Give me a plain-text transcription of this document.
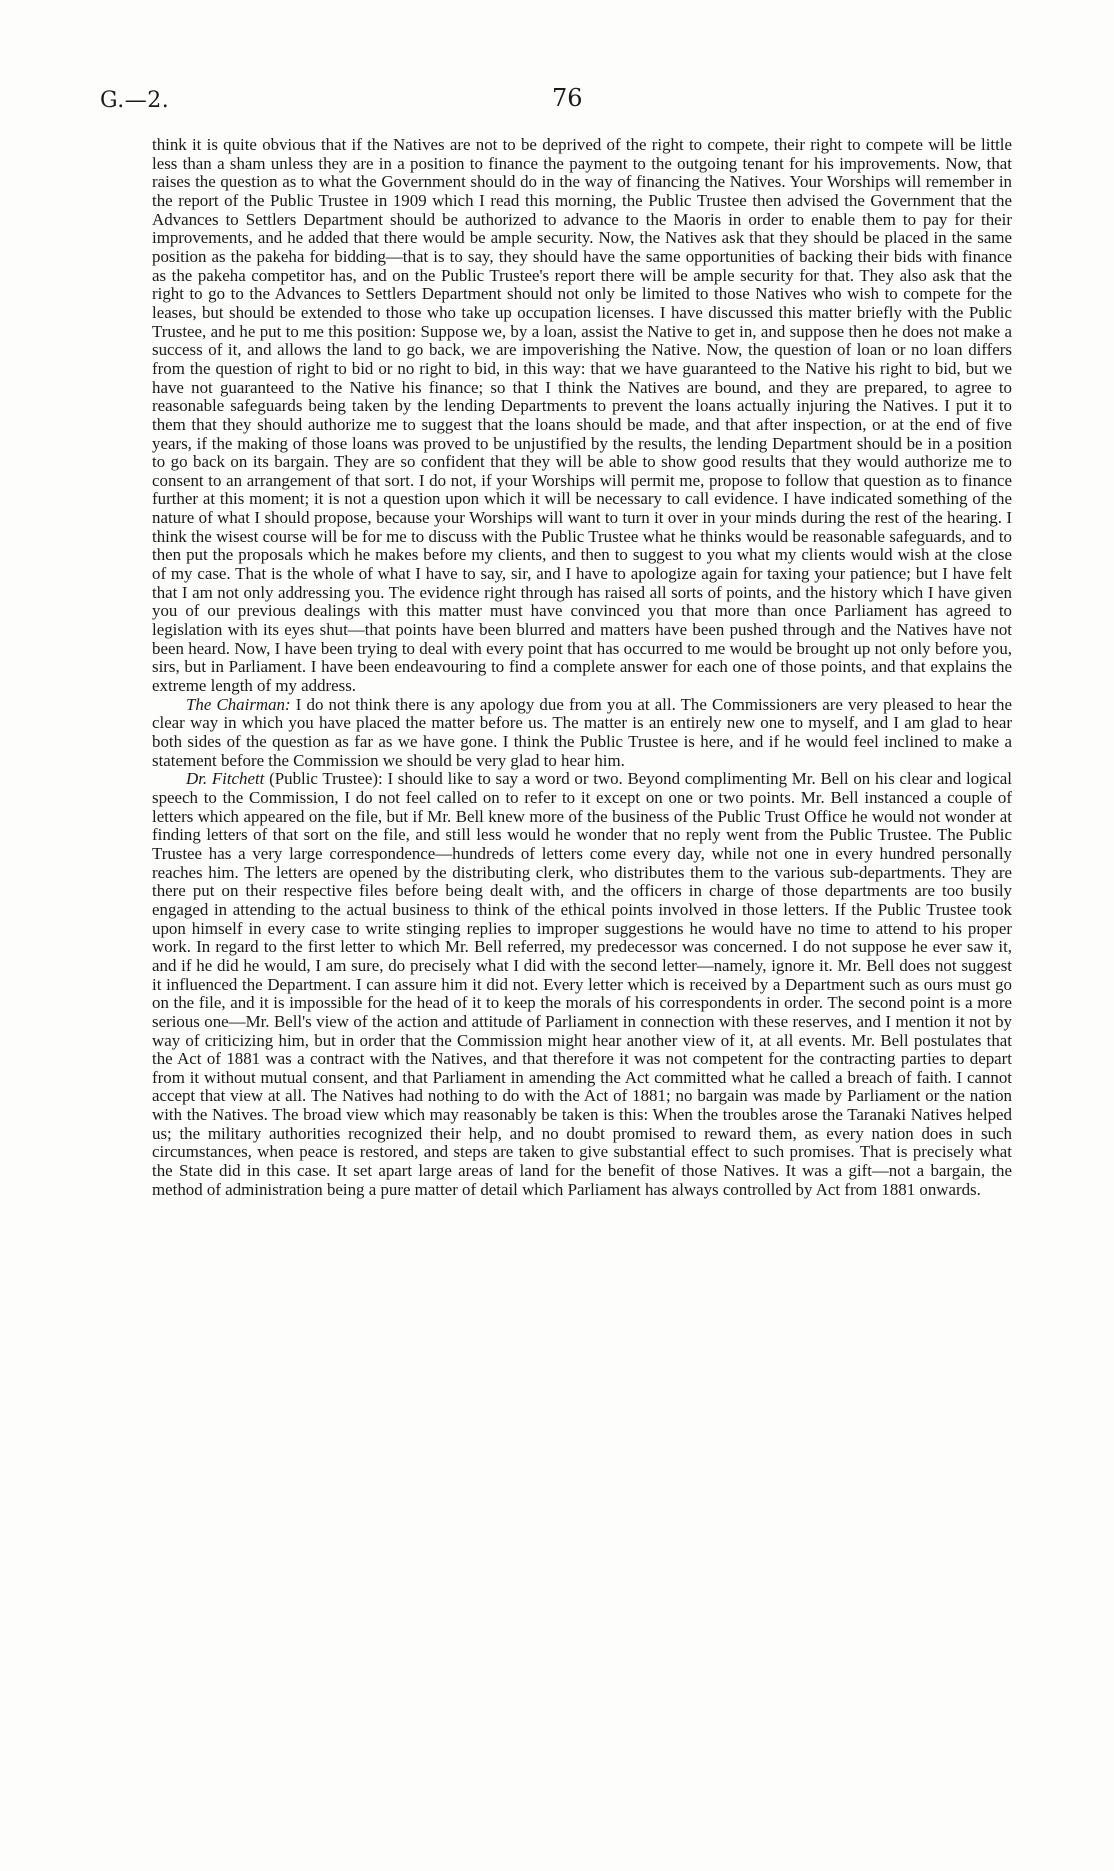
G.—2.	76

think it is quite obvious that if the Natives are not to be deprived of the right to compete, their right to compete will be little less than a sham unless they are in a position to finance the payment to the outgoing tenant for his improvements. Now, that raises the question as to what the Government should do in the way of financing the Natives. Your Worships will remember in the report of the Public Trustee in 1909 which I read this morning, the Public Trustee then advised the Government that the Advances to Settlers Department should be authorized to advance to the Maoris in order to enable them to pay for their improvements, and he added that there would be ample security. Now, the Natives ask that they should be placed in the same position as the pakeha for bidding—that is to say, they should have the same opportunities of backing their bids with finance as the pakeha competitor has, and on the Public Trustee's report there will be ample security for that. They also ask that the right to go to the Advances to Settlers Department should not only be limited to those Natives who wish to compete for the leases, but should be extended to those who take up occupation licenses. I have discussed this matter briefly with the Public Trustee, and he put to me this position: Suppose we, by a loan, assist the Native to get in, and suppose then he does not make a success of it, and allows the land to go back, we are impoverishing the Native. Now, the question of loan or no loan differs from the question of right to bid or no right to bid, in this way: that we have guaranteed to the Native his right to bid, but we have not guaranteed to the Native his finance; so that I think the Natives are bound, and they are prepared, to agree to reasonable safeguards being taken by the lending Departments to prevent the loans actually injuring the Natives. I put it to them that they should authorize me to suggest that the loans should be made, and that after inspection, or at the end of five years, if the making of those loans was proved to be unjustified by the results, the lending Department should be in a position to go back on its bargain. They are so confident that they will be able to show good results that they would authorize me to consent to an arrangement of that sort. I do not, if your Worships will permit me, propose to follow that question as to finance further at this moment; it is not a question upon which it will be necessary to call evidence. I have indicated something of the nature of what I should propose, because your Worships will want to turn it over in your minds during the rest of the hearing. I think the wisest course will be for me to discuss with the Public Trustee what he thinks would be reasonable safeguards, and to then put the proposals which he makes before my clients, and then to suggest to you what my clients would wish at the close of my case. That is the whole of what I have to say, sir, and I have to apologize again for taxing your patience; but I have felt that I am not only addressing you. The evidence right through has raised all sorts of points, and the history which I have given you of our previous dealings with this matter must have convinced you that more than once Parliament has agreed to legislation with its eyes shut—that points have been blurred and matters have been pushed through and the Natives have not been heard. Now, I have been trying to deal with every point that has occurred to me would be brought up not only before you, sirs, but in Parliament. I have been endeavouring to find a complete answer for each one of those points, and that explains the extreme length of my address.

The Chairman: I do not think there is any apology due from you at all. The Commissioners are very pleased to hear the clear way in which you have placed the matter before us. The matter is an entirely new one to myself, and I am glad to hear both sides of the question as far as we have gone. I think the Public Trustee is here, and if he would feel inclined to make a statement before the Commission we should be very glad to hear him.

Dr. Fitchett (Public Trustee): I should like to say a word or two. Beyond complimenting Mr. Bell on his clear and logical speech to the Commission, I do not feel called on to refer to it except on one or two points. Mr. Bell instanced a couple of letters which appeared on the file, but if Mr. Bell knew more of the business of the Public Trust Office he would not wonder at finding letters of that sort on the file, and still less would he wonder that no reply went from the Public Trustee. The Public Trustee has a very large correspondence—hundreds of letters come every day, while not one in every hundred personally reaches him. The letters are opened by the distributing clerk, who distributes them to the various sub-departments. They are there put on their respective files before being dealt with, and the officers in charge of those departments are too busily engaged in attending to the actual business to think of the ethical points involved in those letters. If the Public Trustee took upon himself in every case to write stinging replies to improper suggestions he would have no time to attend to his proper work. In regard to the first letter to which Mr. Bell referred, my predecessor was concerned. I do not suppose he ever saw it, and if he did he would, I am sure, do precisely what I did with the second letter—namely, ignore it. Mr. Bell does not suggest it influenced the Department. I can assure him it did not. Every letter which is received by a Department such as ours must go on the file, and it is impossible for the head of it to keep the morals of his correspondents in order. The second point is a more serious one—Mr. Bell's view of the action and attitude of Parliament in connection with these reserves, and I mention it not by way of criticizing him, but in order that the Commission might hear another view of it, at all events. Mr. Bell postulates that the Act of 1881 was a contract with the Natives, and that therefore it was not competent for the contracting parties to depart from it without mutual consent, and that Parliament in amending the Act committed what he called a breach of faith. I cannot accept that view at all. The Natives had nothing to do with the Act of 1881; no bargain was made by Parliament or the nation with the Natives. The broad view which may reasonably be taken is this: When the troubles arose the Taranaki Natives helped us; the military authorities recognized their help, and no doubt promised to reward them, as every nation does in such circumstances, when peace is restored, and steps are taken to give substantial effect to such promises. That is precisely what the State did in this case. It set apart large areas of land for the benefit of those Natives. It was a gift—not a bargain, the method of administration being a pure matter of detail which Parliament has always controlled by Act from 1881 onwards.
